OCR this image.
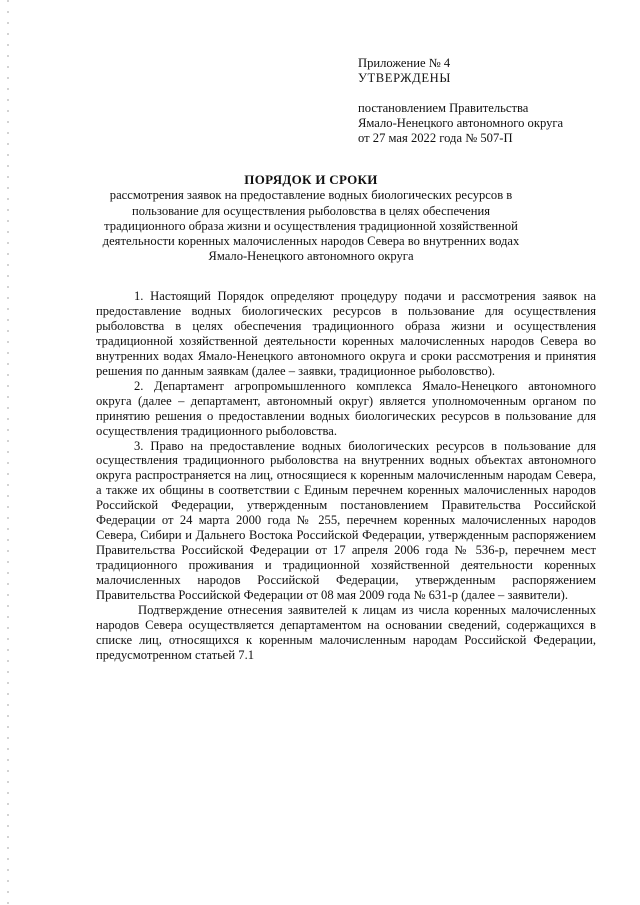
Приложение № 4
УТВЕРЖДЕНЫ
постановлением Правительства
Ямало-Ненецкого автономного округа
от 27 мая 2022 года № 507-П
ПОРЯДОК И СРОКИ
рассмотрения заявок на предоставление водных биологических ресурсов в пользование для осуществления рыболовства в целях обеспечения традиционного образа жизни и осуществления традиционной хозяйственной деятельности коренных малочисленных народов Севера во внутренних водах Ямало-Ненецкого автономного округа

1. Настоящий Порядок определяют процедуру подачи и рассмотрения заявок на предоставление водных биологических ресурсов в пользование для осуществления рыболовства в целях обеспечения традиционного образа жизни и осуществления традиционной хозяйственной деятельности коренных малочисленных народов Севера во внутренних водах Ямало-Ненецкого автономного округа и сроки рассмотрения и принятия решения по данным заявкам (далее – заявки, традиционное рыболовство).

2. Департамент агропромышленного комплекса Ямало-Ненецкого автономного округа (далее – департамент, автономный округ) является уполномоченным органом по принятию решения о предоставлении водных биологических ресурсов в пользование для осуществления традиционного рыболовства.

3. Право на предоставление водных биологических ресурсов в пользование для осуществления традиционного рыболовства на внутренних водных объектах автономного округа распространяется на лиц, относящиеся к коренным малочисленным народам Севера, а также их общины в соответствии с Единым перечнем коренных малочисленных народов Российской Федерации, утвержденным постановлением Правительства Российской Федерации от 24 марта 2000 года № 255, перечнем коренных малочисленных народов Севера, Сибири и Дальнего Востока Российской Федерации, утвержденным распоряжением Правительства Российской Федерации от 17 апреля 2006 года № 536-р, перечнем мест традиционного проживания и традиционной хозяйственной деятельности коренных малочисленных народов Российской Федерации, утвержденным распоряжением Правительства Российской Федерации от 08 мая 2009 года № 631-р (далее – заявители).

Подтверждение отнесения заявителей к лицам из числа коренных малочисленных народов Севера осуществляется департаментом на основании сведений, содержащихся в списке лиц, относящихся к коренным малочисленным народам Российской Федерации, предусмотренном статьей 7.1
